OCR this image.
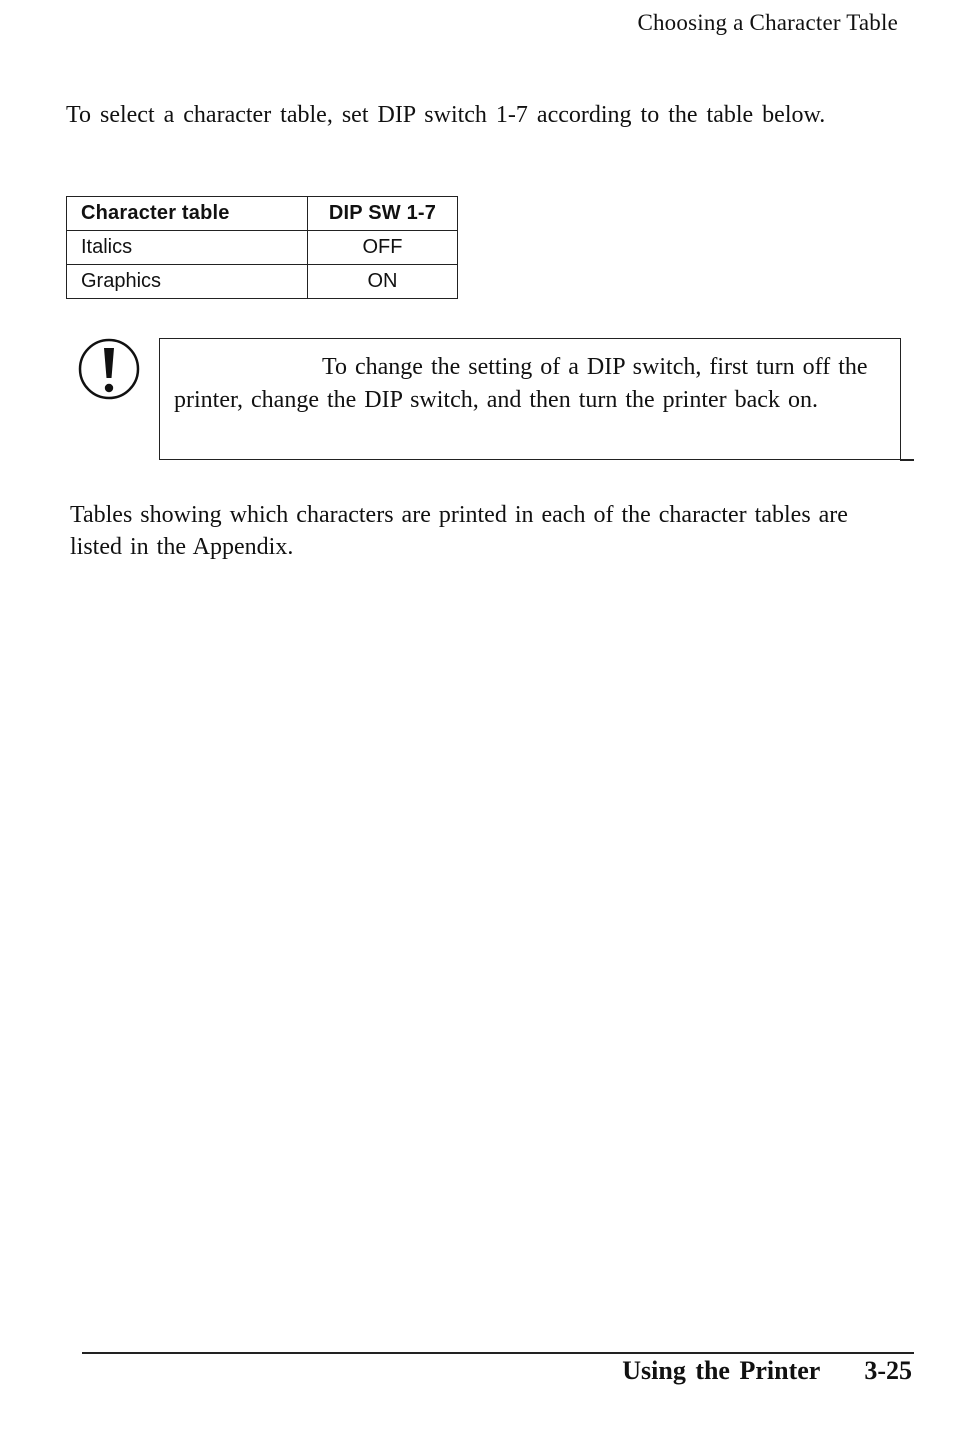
Choosing a Character Table

To select a character table, set DIP switch 1-7 according to the table below.

Character table	DIP SW 1-7
Italics	OFF
Graphics	ON

To change the setting of a DIP switch, first turn off the printer, change the DIP switch, and then turn the printer back on.

Tables showing which characters are printed in each of the character tables are listed in the Appendix.

Using the Printer 3-25
